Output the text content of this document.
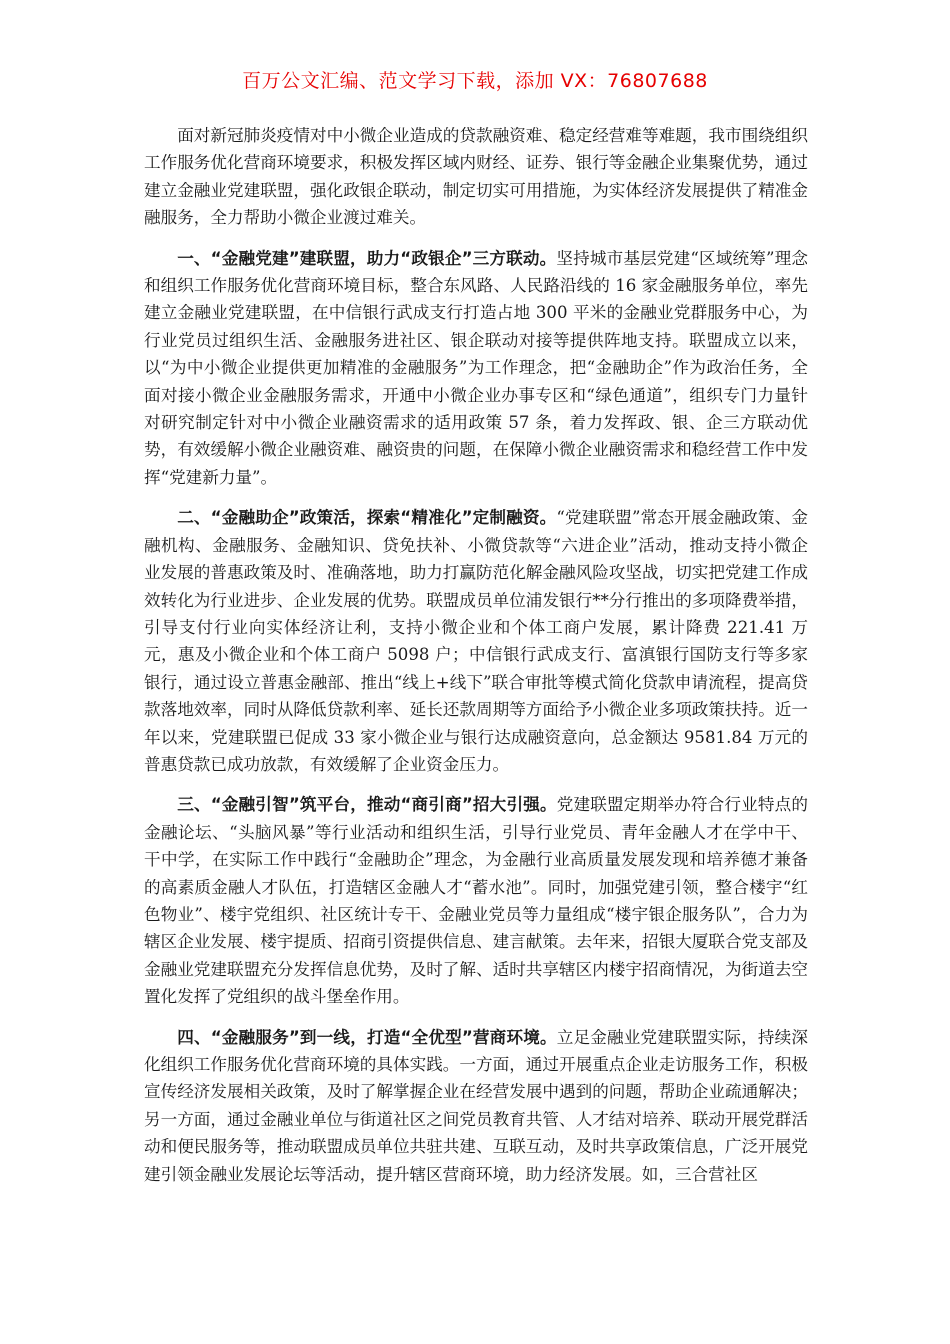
百万公文汇编、范文学习下载，添加 VX：76807688

面对新冠肺炎疫情对中小微企业造成的贷款融资难、稳定经营难等难题，我市围绕组织工作服务优化营商环境要求，积极发挥区域内财经、证券、银行等金融企业集聚优势，通过建立金融业党建联盟，强化政银企联动，制定切实可用措施，为实体经济发展提供了精准金融服务，全力帮助小微企业渡过难关。

一、“金融党建”建联盟，助力“政银企”三方联动。坚持城市基层党建“区域统筹”理念和组织工作服务优化营商环境目标，整合东风路、人民路沿线的 16 家金融服务单位，率先建立金融业党建联盟，在中信银行武成支行打造占地 300 平米的金融业党群服务中心，为行业党员过组织生活、金融服务进社区、银企联动对接等提供阵地支持。联盟成立以来，以“为中小微企业提供更加精准的金融服务”为工作理念，把“金融助企”作为政治任务，全面对接小微企业金融服务需求，开通中小微企业办事专区和“绿色通道”，组织专门力量针对研究制定针对中小微企业融资需求的适用政策 57 条，着力发挥政、银、企三方联动优势，有效缓解小微企业融资难、融资贵的问题，在保障小微企业融资需求和稳经营工作中发挥“党建新力量”。

二、“金融助企”政策活，探索“精准化”定制融资。“党建联盟”常态开展金融政策、金融机构、金融服务、金融知识、贷免扶补、小微贷款等“六进企业”活动，推动支持小微企业发展的普惠政策及时、准确落地，助力打赢防范化解金融风险攻坚战，切实把党建工作成效转化为行业进步、企业发展的优势。联盟成员单位浦发银行**分行推出的多项降费举措，引导支付行业向实体经济让利，支持小微企业和个体工商户发展，累计降费 221.41 万元，惠及小微企业和个体工商户 5098 户；中信银行武成支行、富滇银行国防支行等多家银行，通过设立普惠金融部、推出“线上+线下”联合审批等模式简化贷款申请流程，提高贷款落地效率，同时从降低贷款利率、延长还款周期等方面给予小微企业多项政策扶持。近一年以来，党建联盟已促成 33 家小微企业与银行达成融资意向，总金额达 9581.84 万元的普惠贷款已成功放款，有效缓解了企业资金压力。

三、“金融引智”筑平台，推动“商引商”招大引强。党建联盟定期举办符合行业特点的金融论坛、“头脑风暴”等行业活动和组织生活，引导行业党员、青年金融人才在学中干、干中学，在实际工作中践行“金融助企”理念，为金融行业高质量发展发现和培养德才兼备的高素质金融人才队伍，打造辖区金融人才“蓄水池”。同时，加强党建引领，整合楼宇“红色物业”、楼宇党组织、社区统计专干、金融业党员等力量组成“楼宇银企服务队”，合力为辖区企业发展、楼宇提质、招商引资提供信息、建言献策。去年来，招银大厦联合党支部及金融业党建联盟充分发挥信息优势，及时了解、适时共享辖区内楼宇招商情况，为街道去空置化发挥了党组织的战斗堡垒作用。

四、“金融服务”到一线，打造“全优型”营商环境。立足金融业党建联盟实际，持续深化组织工作服务优化营商环境的具体实践。一方面，通过开展重点企业走访服务工作，积极宣传经济发展相关政策，及时了解掌握企业在经营发展中遇到的问题，帮助企业疏通解决；另一方面，通过金融业单位与街道社区之间党员教育共管、人才结对培养、联动开展党群活动和便民服务等，推动联盟成员单位共驻共建、互联互动，及时共享政策信息，广泛开展党建引领金融业发展论坛等活动，提升辖区营商环境，助力经济发展。如，三合营社区
